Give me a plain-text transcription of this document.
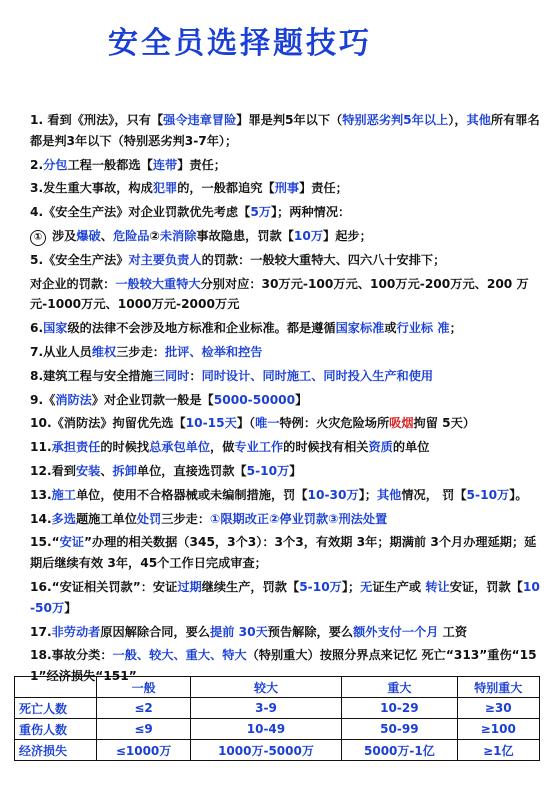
安全员选择题技巧
1. 看到《刑法》，只有【强令违章冒险】罪是判5年以下（特别恶劣判5年以上），其他所有罪名都是判3年以下（特别恶劣判3-7年）；
2.分包工程一般都选【连带】责任；
3.发生重大事故，构成犯罪的，一般都追究【刑事】责任；
4.《安全生产法》对企业罚款优先考虑【5万】；两种情况：
① 涉及爆破、危险品②未消除事故隐患，罚款【10万】起步；
5.《安全生产法》对主要负责人的罚款：一般较大重特大、四六八十安排下；
对企业的罚款：一般较大重特大分别对应：30万元-100万元、100万元-200万元、200 万元-1000万元、1000万元-2000万元
6.国家级的法律不会涉及地方标准和企业标准。都是遵循国家标准或行业标 准；
7.从业人员维权三步走：批评、检举和控告
8.建筑工程与安全措施三同时：同时设计、同时施工、同时投入生产和使用
9.《消防法》对企业罚款一般是【5000-50000】
10.《消防法》拘留优先选【10-15天】（唯一特例：火灾危险场所吸烟拘留 5天）
11.承担责任的时候找总承包单位，做专业工作的时候找有相关资质的单位
12.看到安装、拆卸单位，直接选罚款【5-10万】
13.施工单位，使用不合格器械或未编制措施，罚【10-30万】；其他情况， 罚【5-10万】。
14.多选题施工单位处罚三步走：①限期改正②停业罚款③刑法处置
15.“安证”办理的相关数据（345，3个3）：3个3，有效期 3年；期满前 3个月办理延期；延期后继续有效 3年，45个工作日完成审查；
16.“安证相关罚款”：安证过期继续生产，罚款【5-10万】；无证生产或 转让安证，罚款【10-50万】
17.非劳动者原因解除合同，要么提前 30天预告解除，要么额外支付一个月 工资
18.事故分类：一般、较大、重大、特大（特别重大）按照分界点来记忆 死亡“313”重伤“151”经济损失“151”
	一般	较大	重大	特别重大
死亡人数	≤2	3-9	10-29	≥30
重伤人数	≤9	10-49	50-99	≥100
经济损失	≤1000万	1000万-5000万	5000万-1亿	≥1亿
